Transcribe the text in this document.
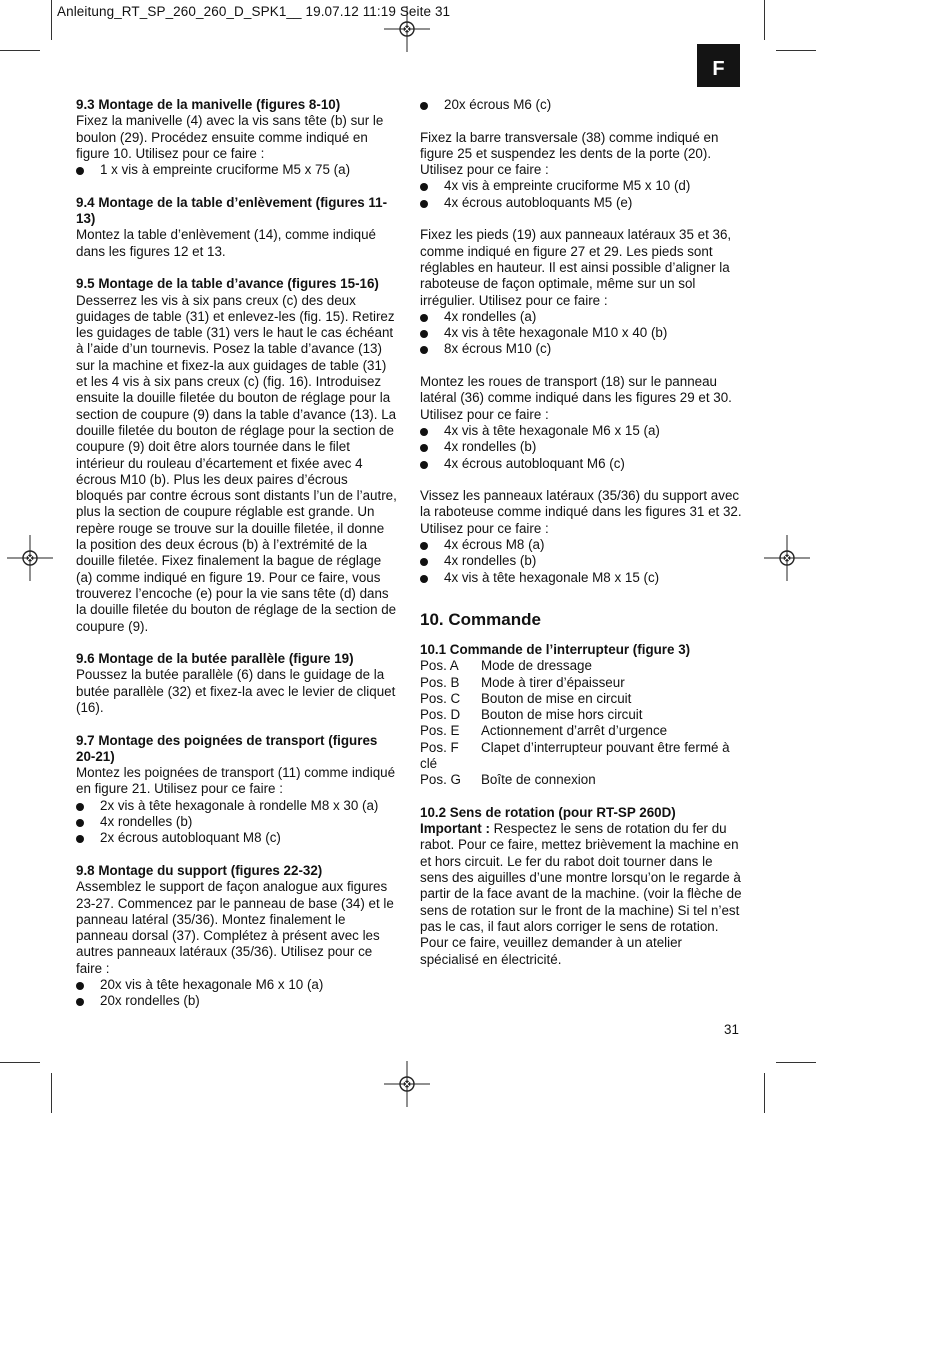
Anleitung_RT_SP_260_260_D_SPK1__ 19.07.12 11:19 Seite 31
F
9.3 Montage de la manivelle (figures 8-10)

Fixez la manivelle (4) avec la vis sans tête (b) sur le boulon (29). Procédez ensuite comme indiqué en figure 10. Utilisez pour ce faire :

1 x vis à empreinte cruciforme M5 x 75 (a)
9.4 Montage de la table d’enlèvement (figures 11-13)

Montez la table d’enlèvement (14), comme indiqué dans les figures 12 et 13.

9.5 Montage de la table d’avance (figures 15-16)

Desserrez les vis à six pans creux (c) des deux guidages de table (31) et enlevez-les (fig. 15). Retirez les guidages de table (31) vers le haut le cas échéant à l’aide d’un tournevis. Posez la table d’avance (13) sur la machine et fixez-la aux guidages de table (31) et les 4 vis à six pans creux (c) (fig. 16). Introduisez ensuite la douille filetée du bouton de réglage pour la section de coupure (9) dans la table d’avance (13). La douille filetée du bouton de réglage pour la section de coupure (9) doit être alors tournée dans le filet intérieur du rouleau d’écartement et fixée avec 4 écrous M10 (b). Plus les deux paires d’écrous bloqués par contre écrous sont distants l’un de l’autre, plus la section de coupure réglable est grande. Un repère rouge se trouve sur la douille filetée, il donne la position des deux écrous (b) à l’extrémité de la douille filetée. Fixez finalement la bague de réglage (a) comme indiqué en figure 19. Pour ce faire, vous trouverez l’encoche (e) pour la vie sans tête (d) dans la douille filetée du bouton de réglage de la section de coupure (9).

9.6 Montage de la butée parallèle (figure 19)

Poussez la butée parallèle (6) dans le guidage de la butée parallèle (32) et fixez-la avec le levier de cliquet (16).

9.7 Montage des poignées de transport (figures 20-21)

Montez les poignées de transport (11) comme indiqué en figure 21. Utilisez pour ce faire :

2x vis à tête hexagonale à rondelle M8 x 30 (a)
4x rondelles (b)
2x écrous autobloquant M8 (c)
9.8 Montage du support (figures 22-32)

Assemblez le support de façon analogue aux figures 23-27. Commencez par le panneau de base (34) et le panneau latéral (35/36). Montez finalement le panneau dorsal (37). Complétez à présent avec les autres panneaux latéraux (35/36). Utilisez pour ce faire :

20x vis à tête hexagonale M6 x 10 (a)
20x rondelles (b)
20x écrous M6 (c)

Fixez la barre transversale (38) comme indiqué en figure 25 et suspendez les dents de la porte (20). Utilisez pour ce faire :

4x vis à empreinte cruciforme M5 x 10 (d)
4x écrous autobloquants M5 (e)

Fixez les pieds (19) aux panneaux latéraux 35 et 36, comme indiqué en figure 27 et 29. Les pieds sont réglables en hauteur. Il est ainsi possible d’aligner la raboteuse de façon optimale, même sur un sol irrégulier. Utilisez pour ce faire :

4x rondelles (a)
4x vis à tête hexagonale M10 x 40 (b)
8x écrous M10 (c)

Montez les roues de transport (18) sur le panneau latéral (36) comme indiqué dans les figures 29 et 30. Utilisez pour ce faire :

4x vis à tête hexagonale M6 x 15 (a)
4x rondelles (b)
4x écrous autobloquant M6 (c)

Vissez les panneaux latéraux (35/36) du support avec la raboteuse comme indiqué dans les figures 31 et 32. Utilisez pour ce faire :

4x écrous M8 (a)
4x rondelles (b)
4x vis à tête hexagonale M8 x 15 (c)
10. Commande
10.1 Commande de l’interrupteur (figure 3)
Pos. A	Mode de dressage
Pos. B	Mode à tirer d’épaisseur
Pos. C	Bouton de mise en circuit
Pos. D	Bouton de mise hors circuit
Pos. E	Actionnement d’arrêt d’urgence
Pos. F	Clapet d’interrupteur pouvant être fermé à
clé
Pos. G	Boîte de connexion
10.2 Sens de rotation (pour RT-SP 260D)

Important : Respectez le sens de rotation du fer du rabot. Pour ce faire, mettez brièvement la machine en et hors circuit. Le fer du rabot doit tourner dans le sens des aiguilles d’une montre lorsqu’on le regarde à partir de la face avant de la machine. (voir la flèche de sens de rotation sur le front de la machine) Si tel n’est pas le cas, il faut alors corriger le sens de rotation. Pour ce faire, veuillez demander à un atelier spécialisé en électricité.

31
